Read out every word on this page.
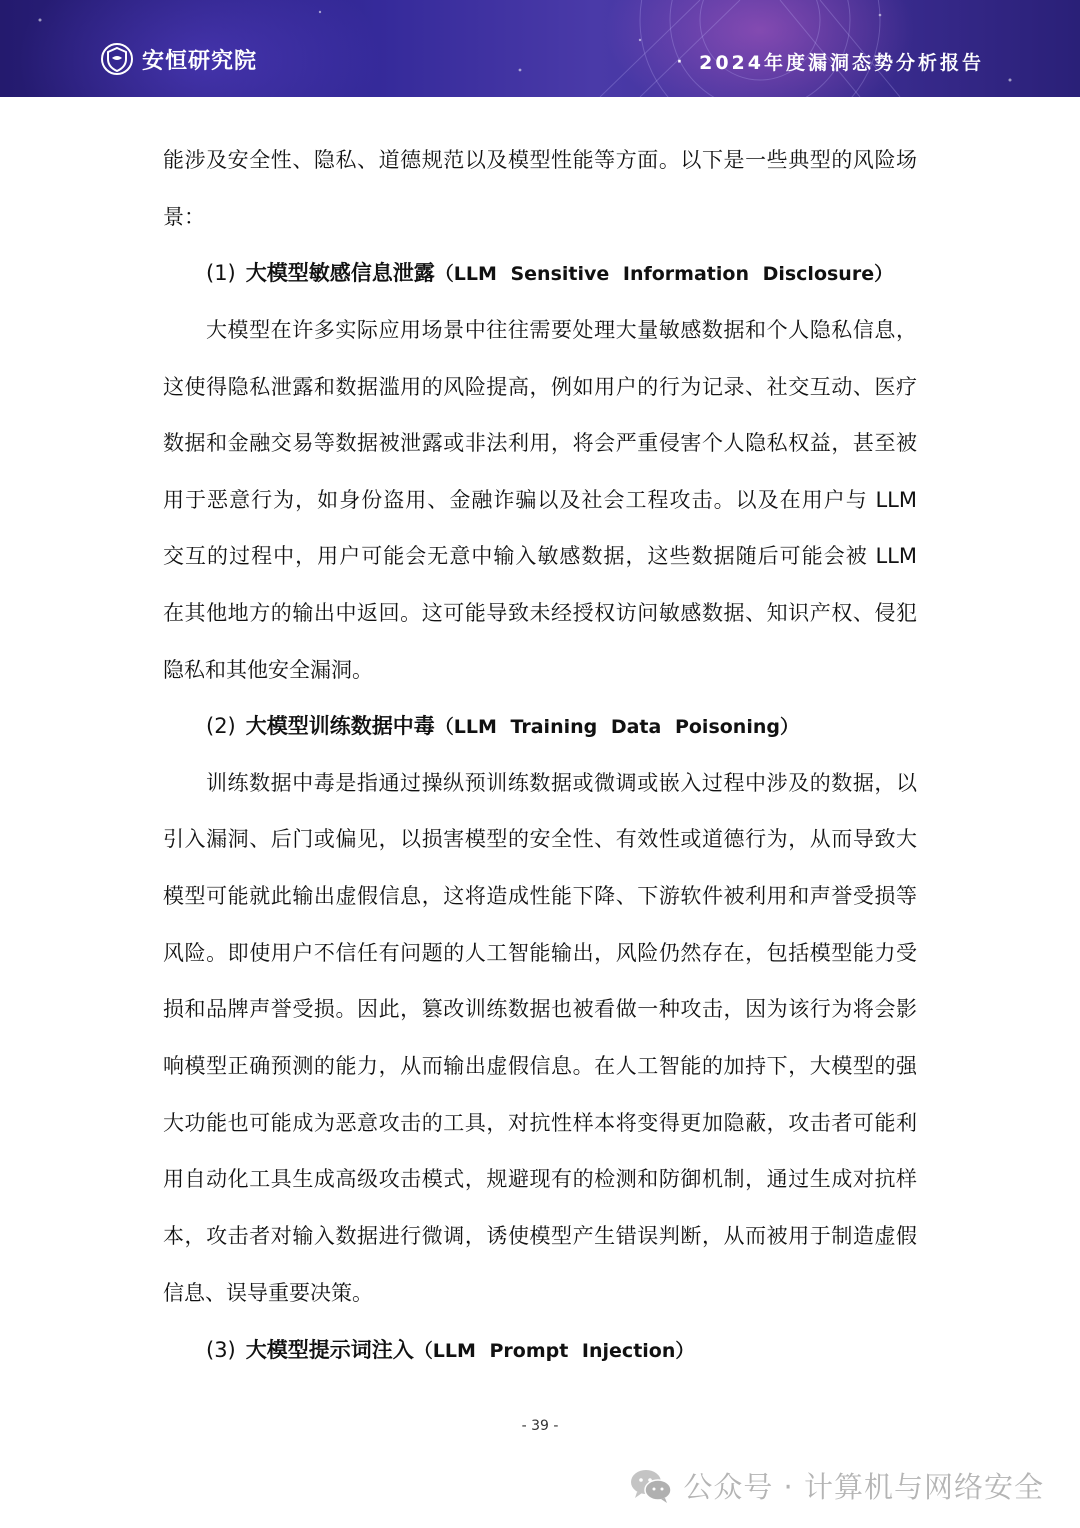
安恒研究院	· 2024年度漏洞态势分析报告
能涉及安全性、隐私、道德规范以及模型性能等方面。以下是一些典型的风险场
景：
(1) 大模型敏感信息泄露（LLM Sensitive Information Disclosure）
大模型在许多实际应用场景中往往需要处理大量敏感数据和个人隐私信息，
这使得隐私泄露和数据滥用的风险提高，例如用户的行为记录、社交互动、医疗
数据和金融交易等数据被泄露或非法利用，将会严重侵害个人隐私权益，甚至被
用于恶意行为，如身份盗用、金融诈骗以及社会工程攻击。以及在用户与 LLM
交互的过程中，用户可能会无意中输入敏感数据，这些数据随后可能会被 LLM
在其他地方的输出中返回。这可能导致未经授权访问敏感数据、知识产权、侵犯
隐私和其他安全漏洞。
(2) 大模型训练数据中毒（LLM Training Data Poisoning）
训练数据中毒是指通过操纵预训练数据或微调或嵌入过程中涉及的数据，以
引入漏洞、后门或偏见，以损害模型的安全性、有效性或道德行为，从而导致大
模型可能就此输出虚假信息，这将造成性能下降、下游软件被利用和声誉受损等
风险。即使用户不信任有问题的人工智能输出，风险仍然存在，包括模型能力受
损和品牌声誉受损。因此，篡改训练数据也被看做一种攻击，因为该行为将会影
响模型正确预测的能力，从而输出虚假信息。在人工智能的加持下，大模型的强
大功能也可能成为恶意攻击的工具，对抗性样本将变得更加隐蔽，攻击者可能利
用自动化工具生成高级攻击模式，规避现有的检测和防御机制，通过生成对抗样
本，攻击者对输入数据进行微调，诱使模型产生错误判断，从而被用于制造虚假
信息、误导重要决策。
(3) 大模型提示词注入（LLM Prompt Injection）
- 39 -
公众号 · 计算机与网络安全
